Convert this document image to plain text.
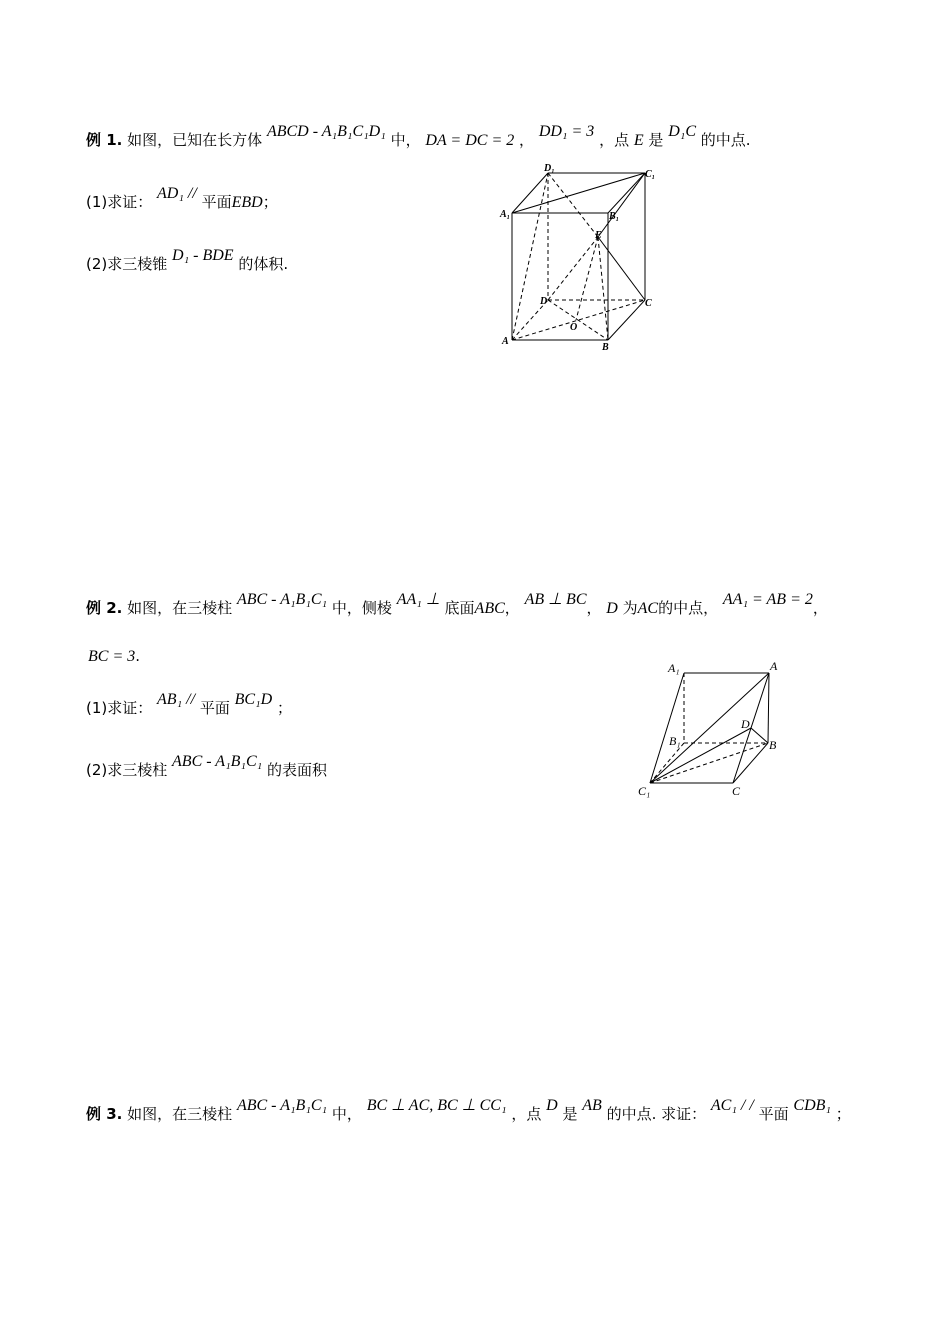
例 1. 如图，已知在长方体 ABCD - A₁B₁C₁D₁ 中， DA = DC = 2 ， DD₁ = 3 ，点 E 是 D₁C 的中点.
(1)求证： AD₁ // 平面EBD；
(2)求三棱锥 D₁ - BDE 的体积.
D₁
C₁
A₁	B₁
E
D	C
O
A
B
例 2. 如图，在三棱柱 ABC - A₁B₁C₁ 中，侧棱 AA₁ ⊥ 底面ABC， AB ⊥ BC， D 为AC的中点， AA₁ = AB = 2，
BC = 3.
(1)求证： AB₁ // 平面 BC₁D ；
(2)求三棱柱 ABC - A₁B₁C₁ 的表面积
A₁	A
D
B₁	B
C₁	C
例 3. 如图，在三棱柱 ABC - A₁B₁C₁ 中， BC ⊥ AC, BC ⊥ CC₁ ，点 D 是 AB 的中点. 求证： AC₁ / / 平面 CDB₁ ；
